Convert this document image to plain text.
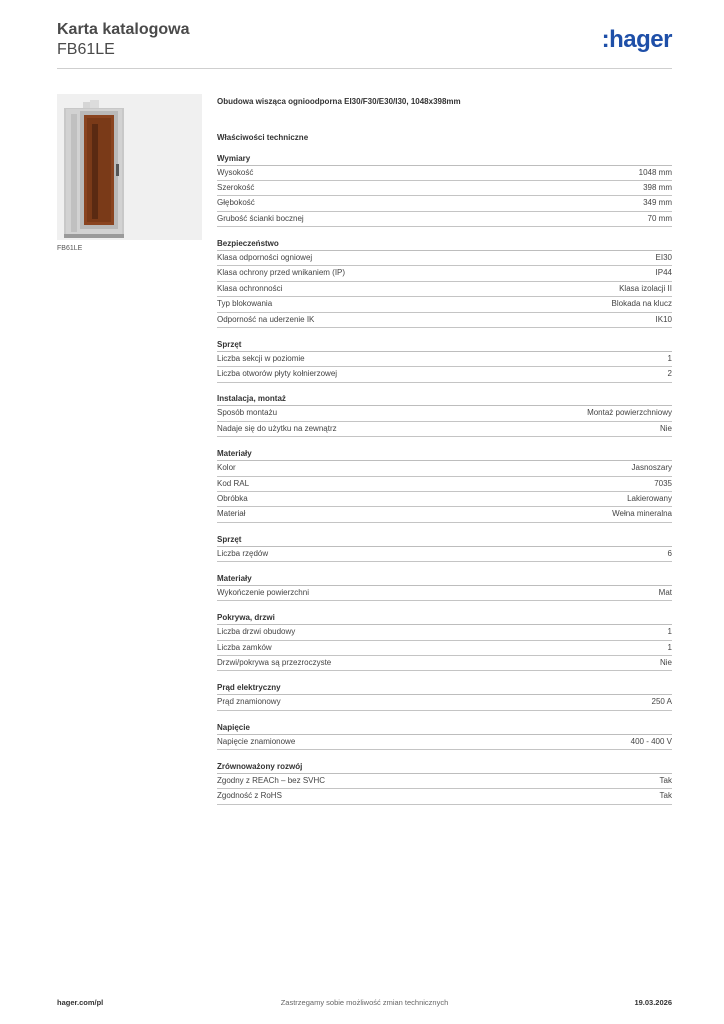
Karta katalogowa
FB61LE	:hager
FB61LE
Obudowa wisząca ognioodporna EI30/F30/E30/I30, 1048x398mm
Właściwości techniczne
Wymiary
Wysokość	1048 mm
Szerokość	398 mm
Głębokość	349 mm
Grubość ścianki bocznej	70 mm
Bezpieczeństwo
Klasa odporności ogniowej	EI30
Klasa ochrony przed wnikaniem (IP)	IP44
Klasa ochronności	Klasa izolacji II
Typ blokowania	Blokada na klucz
Odporność na uderzenie IK	IK10
Sprzęt
Liczba sekcji w poziomie	1
Liczba otworów płyty kołnierzowej	2
Instalacja, montaż
Sposób montażu	Montaż powierzchniowy
Nadaje się do użytku na zewnątrz	Nie
Materiały
Kolor	Jasnoszary
Kod RAL	7035
Obróbka	Lakierowany
Materiał	Wełna mineralna
Sprzęt
Liczba rzędów	6
Materiały
Wykończenie powierzchni	Mat
Pokrywa, drzwi
Liczba drzwi obudowy	1
Liczba zamków	1
Drzwi/pokrywa są przezroczyste	Nie
Prąd elektryczny
Prąd znamionowy	250 A
Napięcie
Napięcie znamionowe	400 - 400 V
Zrównoważony rozwój
Zgodny z REACh – bez SVHC	Tak
Zgodność z RoHS	Tak
hager.com/pl	Zastrzegamy sobie możliwość zmian technicznych	19.03.2026
